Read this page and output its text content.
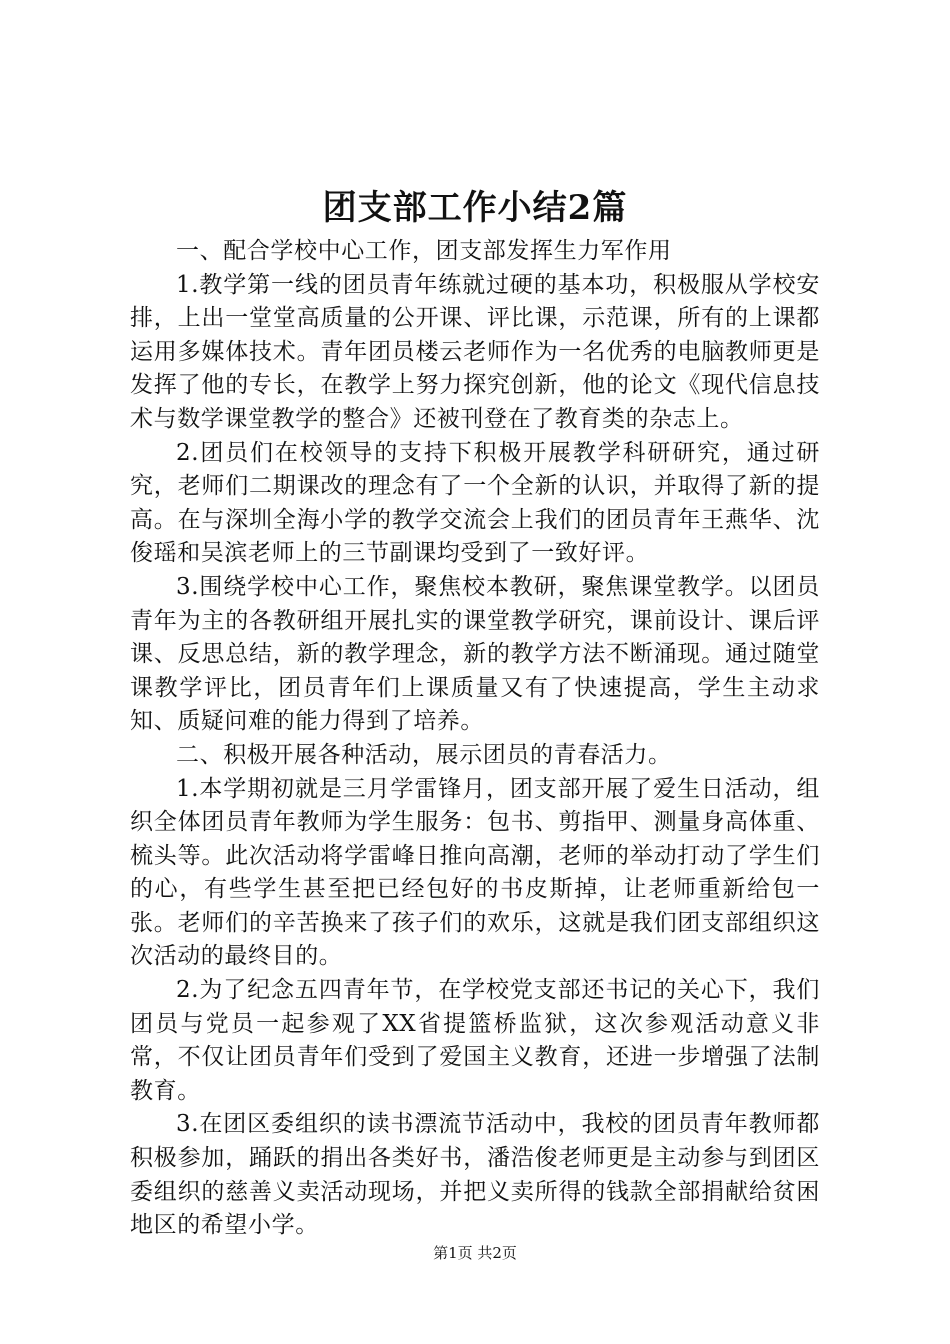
团支部工作小结2篇

一、配合学校中心工作，团支部发挥生力军作用

1.教学第一线的团员青年练就过硬的基本功，积极服从学校安排，上出一堂堂高质量的公开课、评比课，示范课，所有的上课都运用多媒体技术。青年团员楼云老师作为一名优秀的电脑教师更是发挥了他的专长，在教学上努力探究创新，他的论文《现代信息技术与数学课堂教学的整合》还被刊登在了教育类的杂志上。

2.团员们在校领导的支持下积极开展教学科研研究，通过研究，老师们二期课改的理念有了一个全新的认识，并取得了新的提高。在与深圳全海小学的教学交流会上我们的团员青年王燕华、沈俊瑶和吴滨老师上的三节副课均受到了一致好评。

3.围绕学校中心工作，聚焦校本教研，聚焦课堂教学。以团员青年为主的各教研组开展扎实的课堂教学研究，课前设计、课后评课、反思总结，新的教学理念，新的教学方法不断涌现。通过随堂课教学评比，团员青年们上课质量又有了快速提高，学生主动求知、质疑问难的能力得到了培养。

二、积极开展各种活动，展示团员的青春活力。

1.本学期初就是三月学雷锋月，团支部开展了爱生日活动，组织全体团员青年教师为学生服务：包书、剪指甲、测量身高体重、梳头等。此次活动将学雷峰日推向高潮，老师的举动打动了学生们的心，有些学生甚至把已经包好的书皮斯掉，让老师重新给包一张。老师们的辛苦换来了孩子们的欢乐，这就是我们团支部组织这次活动的最终目的。

2.为了纪念五四青年节，在学校党支部还书记的关心下，我们团员与党员一起参观了XX省提篮桥监狱，这次参观活动意义非常，不仅让团员青年们受到了爱国主义教育，还进一步增强了法制教育。

3.在团区委组织的读书漂流节活动中，我校的团员青年教师都积极参加，踊跃的捐出各类好书，潘浩俊老师更是主动参与到团区委组织的慈善义卖活动现场，并把义卖所得的钱款全部捐献给贫困地区的希望小学。

第1页 共2页
